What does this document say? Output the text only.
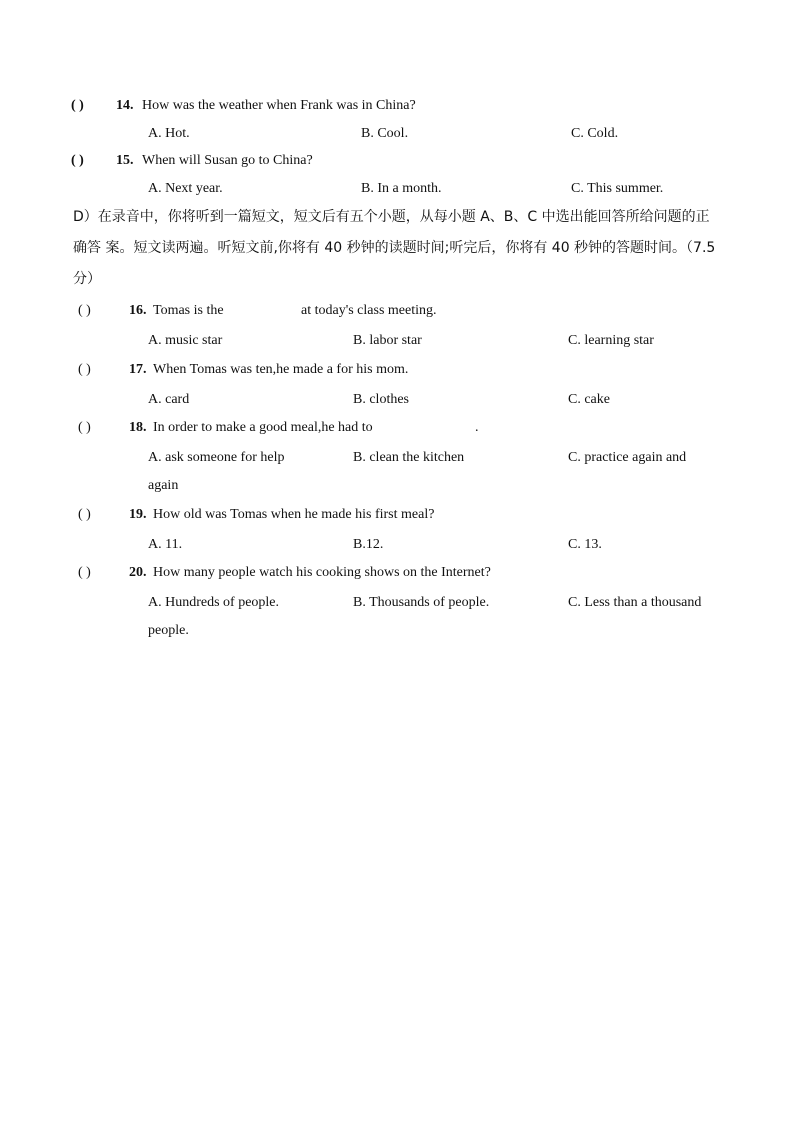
( ) 14. How was the weather when Frank was in China?
A. Hot.	B. Cool.	C. Cold.
( ) 15. When will Susan go to China?
A. Next year.	B. In a month.	C. This summer.
D）在录音中，你将听到一篇短文，短文后有五个小题，从每小题 A、B、C 中选出能回答所给问题的正确答 案。短文读两遍。听短文前,你将有 40 秒钟的读题时间;听完后，你将有 40 秒钟的答题时间。（7.5分）
( )	16. Tomas is the	at today's class meeting.
A. music star	B. labor star	C. learning star
( )	17. When Tomas was ten,he made a for his mom.
A. card	B. clothes	C. cake
( )	18. In order to make a good meal,he had to	.
A. ask someone for help	B. clean the kitchen	C. practice again and
again
( )	19. How old was Tomas when he made his first meal?
A. 11.	B.12.	C. 13.
( )	20. How many people watch his cooking shows on the Internet?
A. Hundreds of people.	B. Thousands of people.	C. Less than a thousand
people.
